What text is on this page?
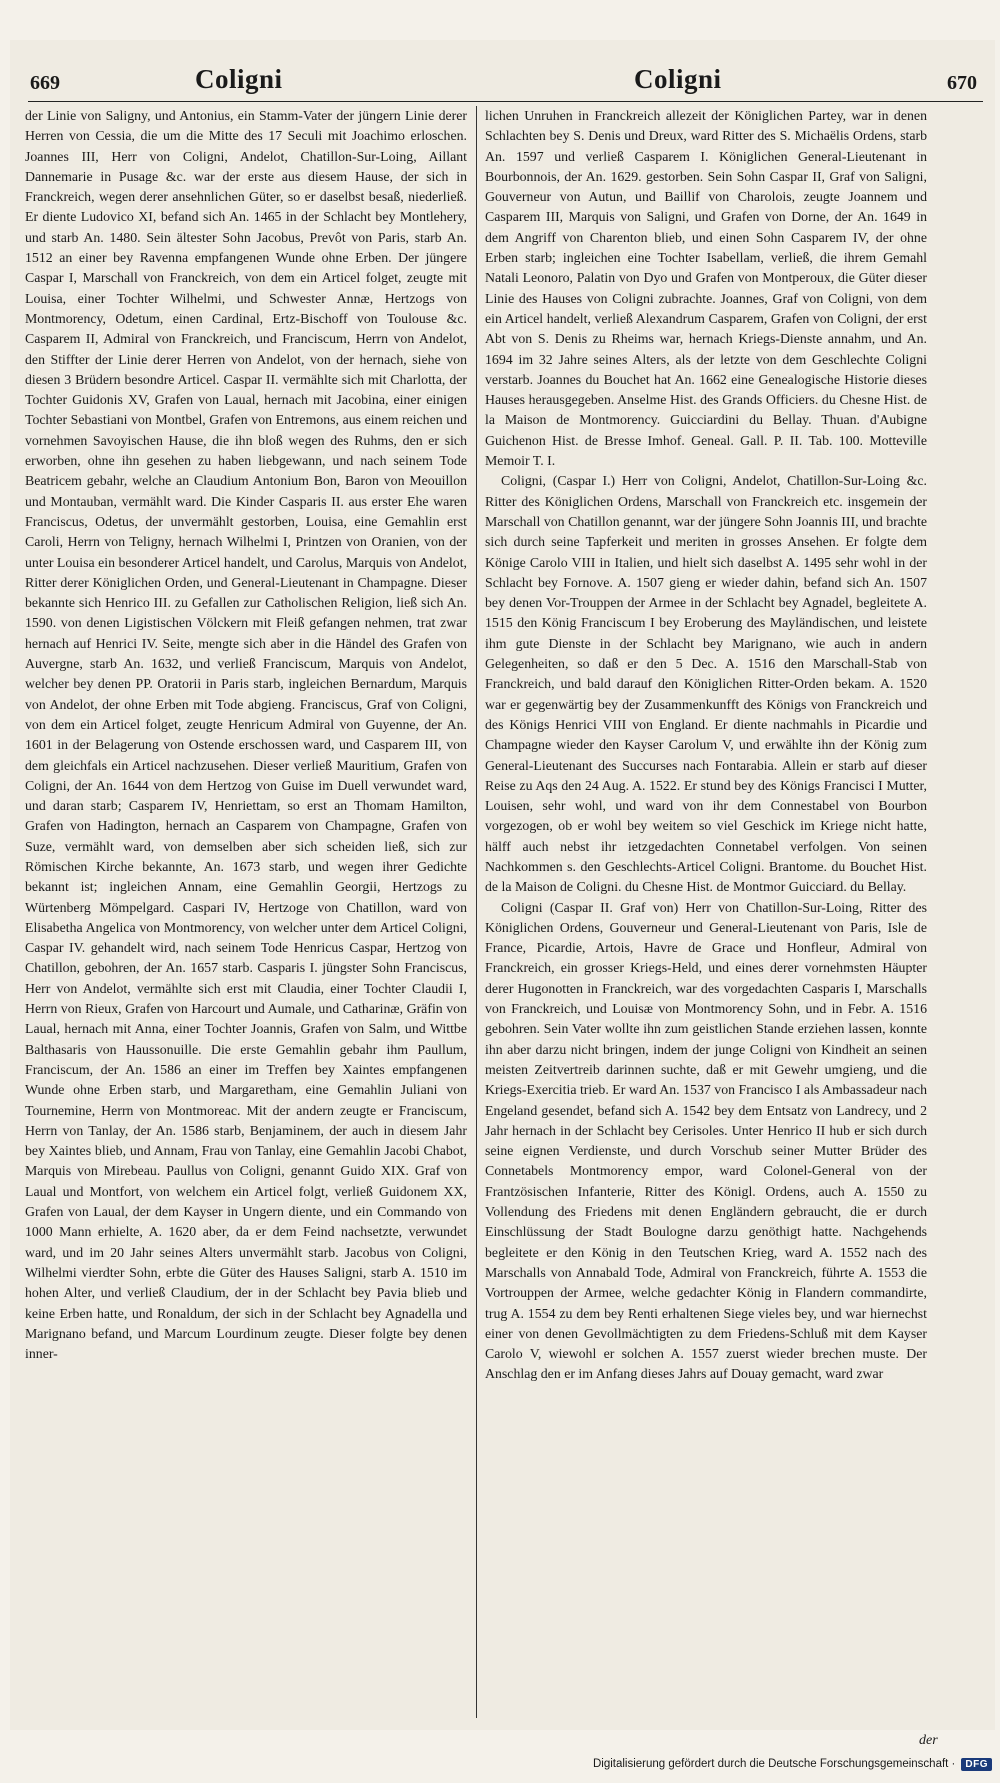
669	Coligni	Coligni	670

der Linie von Saligny, und Antonius, ein Stamm-Vater der jüngern Linie derer Herren von Cessia, die um die Mitte des 17 Seculi mit Joachimo erloschen. Joannes III, Herr von Coligni, Andelot, Chatillon-Sur-Loing, Aillant Dannemarie in Pusage &c. war der erste aus diesem Hause, der sich in Franckreich, wegen derer ansehnlichen Güter, so er daselbst besaß, niederließ. Er diente Ludovico XI, befand sich An. 1465 in der Schlacht bey Montlehery, und starb An. 1480. Sein ältester Sohn Jacobus, Prevôt von Paris, starb An. 1512 an einer bey Ravenna empfangenen Wunde ohne Erben. Der jüngere Caspar I, Marschall von Franckreich, von dem ein Articel folget, zeugte mit Louisa, einer Tochter Wilhelmi, und Schwester Annæ, Hertzogs von Montmorency, Odetum, einen Cardinal, Ertz-Bischoff von Toulouse &c. Casparem II, Admiral von Franckreich, und Franciscum, Herrn von Andelot, den Stiffter der Linie derer Herren von Andelot, von der hernach, siehe von diesen 3 Brüdern besondre Articel. Caspar II. vermählte sich mit Charlotta, der Tochter Guidonis XV, Grafen von Laual, hernach mit Jacobina, einer einigen Tochter Sebastiani von Montbel, Grafen von Entremons, aus einem reichen und vornehmen Savoyischen Hause, die ihn bloß wegen des Ruhms, den er sich erworben, ohne ihn gesehen zu haben liebgewann, und nach seinem Tode Beatricem gebahr, welche an Claudium Antonium Bon, Baron von Meouillon und Montauban, vermählt ward. Die Kinder Casparis II. aus erster Ehe waren Franciscus, Odetus, der unvermählt gestorben, Louisa, eine Gemahlin erst Caroli, Herrn von Teligny, hernach Wilhelmi I, Printzen von Oranien, von der unter Louisa ein besonderer Articel handelt, und Carolus, Marquis von Andelot, Ritter derer Königlichen Orden, und General-Lieutenant in Champagne. Dieser bekannte sich Henrico III. zu Gefallen zur Catholischen Religion, ließ sich An. 1590. von denen Ligistischen Völckern mit Fleiß gefangen nehmen, trat zwar hernach auf Henrici IV. Seite, mengte sich aber in die Händel des Grafen von Auvergne, starb An. 1632, und verließ Franciscum, Marquis von Andelot, welcher bey denen PP. Oratorii in Paris starb, ingleichen Bernardum, Marquis von Andelot, der ohne Erben mit Tode abgieng. Franciscus, Graf von Coligni, von dem ein Articel folget, zeugte Henricum Admiral von Guyenne, der An. 1601 in der Belagerung von Ostende erschossen ward, und Casparem III, von dem gleichfals ein Articel nachzusehen. Dieser verließ Mauritium, Grafen von Coligni, der An. 1644 von dem Hertzog von Guise im Duell verwundet ward, und daran starb; Casparem IV, Henriettam, so erst an Thomam Hamilton, Grafen von Hadington, hernach an Casparem von Champagne, Grafen von Suze, vermählt ward, von demselben aber sich scheiden ließ, sich zur Römischen Kirche bekannte, An. 1673 starb, und wegen ihrer Gedichte bekannt ist; ingleichen Annam, eine Gemahlin Georgii, Hertzogs zu Würtenberg Mömpelgard. Caspari IV, Hertzoge von Chatillon, ward von Elisabetha Angelica von Montmorency, von welcher unter dem Articel Coligni, Caspar IV. gehandelt wird, nach seinem Tode Henricus Caspar, Hertzog von Chatillon, gebohren, der An. 1657 starb. Casparis I. jüngster Sohn Franciscus, Herr von Andelot, vermählte sich erst mit Claudia, einer Tochter Claudii I, Herrn von Rieux, Grafen von Harcourt und Aumale, und Catharinæ, Gräfin von Laual, hernach mit Anna, einer Tochter Joannis, Grafen von Salm, und Wittbe Balthasaris von Haussonuille. Die erste Gemahlin gebahr ihm Paullum, Franciscum, der An. 1586 an einer im Treffen bey Xaintes empfangenen Wunde ohne Erben starb, und Margaretham, eine Gemahlin Juliani von Tournemine, Herrn von Montmoreac. Mit der andern zeugte er Franciscum, Herrn von Tanlay, der An. 1586 starb, Benjaminem, der auch in diesem Jahr bey Xaintes blieb, und Annam, Frau von Tanlay, eine Gemahlin Jacobi Chabot, Marquis von Mirebeau. Paullus von Coligni, genannt Guido XIX. Graf von Laual und Montfort, von welchem ein Articel folgt, verließ Guidonem XX, Grafen von Laual, der dem Kayser in Ungern diente, und ein Commando von 1000 Mann erhielte, A. 1620 aber, da er dem Feind nachsetzte, verwundet ward, und im 20 Jahr seines Alters unvermählt starb. Jacobus von Coligni, Wilhelmi vierdter Sohn, erbte die Güter des Hauses Saligni, starb A. 1510 im hohen Alter, und verließ Claudium, der in der Schlacht bey Pavia blieb und keine Erben hatte, und Ronaldum, der sich in der Schlacht bey Agnadella und Marignano befand, und Marcum Lourdinum zeugte. Dieser folgte bey denen inner-

lichen Unruhen in Franckreich allezeit der Königlichen Partey, war in denen Schlachten bey S. Denis und Dreux, ward Ritter des S. Michaëlis Ordens, starb An. 1597 und verließ Casparem I. Königlichen General-Lieutenant in Bourbonnois, der An. 1629. gestorben. Sein Sohn Caspar II, Graf von Saligni, Gouverneur von Autun, und Baillif von Charolois, zeugte Joannem und Casparem III, Marquis von Saligni, und Grafen von Dorne, der An. 1649 in dem Angriff von Charenton blieb, und einen Sohn Casparem IV, der ohne Erben starb; ingleichen eine Tochter Isabellam, verließ, die ihrem Gemahl Natali Leonoro, Palatin von Dyo und Grafen von Montperoux, die Güter dieser Linie des Hauses von Coligni zubrachte. Joannes, Graf von Coligni, von dem ein Articel handelt, verließ Alexandrum Casparem, Grafen von Coligni, der erst Abt von S. Denis zu Rheims war, hernach Kriegs-Dienste annahm, und An. 1694 im 32 Jahre seines Alters, als der letzte von dem Geschlechte Coligni verstarb. Joannes du Bouchet hat An. 1662 eine Genealogische Historie dieses Hauses herausgegeben. Anselme Hist. des Grands Officiers. du Chesne Hist. de la Maison de Montmorency. Guicciardini du Bellay. Thuan. d'Aubigne Guichenon Hist. de Bresse Imhof. Geneal. Gall. P. II. Tab. 100. Motteville Memoir T. I.

Coligni, (Caspar I.) Herr von Coligni, Andelot, Chatillon-Sur-Loing &c. Ritter des Königlichen Ordens, Marschall von Franckreich etc. insgemein der Marschall von Chatillon genannt, war der jüngere Sohn Joannis III, und brachte sich durch seine Tapferkeit und meriten in grosses Ansehen. Er folgte dem Könige Carolo VIII in Italien, und hielt sich daselbst A. 1495 sehr wohl in der Schlacht bey Fornove. A. 1507 gieng er wieder dahin, befand sich An. 1507 bey denen Vor-Trouppen der Armee in der Schlacht bey Agnadel, begleitete A. 1515 den König Franciscum I bey Eroberung des Mayländischen, und leistete ihm gute Dienste in der Schlacht bey Marignano, wie auch in andern Gelegenheiten, so daß er den 5 Dec. A. 1516 den Marschall-Stab von Franckreich, und bald darauf den Königlichen Ritter-Orden bekam. A. 1520 war er gegenwärtig bey der Zusammenkunfft des Königs von Franckreich und des Königs Henrici VIII von England. Er diente nachmahls in Picardie und Champagne wieder den Kayser Carolum V, und erwählte ihn der König zum General-Lieutenant des Succurses nach Fontarabia. Allein er starb auf dieser Reise zu Aqs den 24 Aug. A. 1522. Er stund bey des Königs Francisci I Mutter, Louisen, sehr wohl, und ward von ihr dem Connestabel von Bourbon vorgezogen, ob er wohl bey weitem so viel Geschick im Kriege nicht hatte, hälff auch nebst ihr ietzgedachten Connetabel verfolgen. Von seinen Nachkommen s. den Geschlechts-Articel Coligni. Brantome. du Bouchet Hist. de la Maison de Coligni. du Chesne Hist. de Montmor Guicciard. du Bellay.

Coligni (Caspar II. Graf von) Herr von Chatillon-Sur-Loing, Ritter des Königlichen Ordens, Gouverneur und General-Lieutenant von Paris, Isle de France, Picardie, Artois, Havre de Grace und Honfleur, Admiral von Franckreich, ein grosser Kriegs-Held, und eines derer vornehmsten Häupter derer Hugonotten in Franckreich, war des vorgedachten Casparis I, Marschalls von Franckreich, und Louisæ von Montmorency Sohn, und in Febr. A. 1516 gebohren. Sein Vater wollte ihn zum geistlichen Stande erziehen lassen, konnte ihn aber darzu nicht bringen, indem der junge Coligni von Kindheit an seinen meisten Zeitvertreib darinnen suchte, daß er mit Gewehr umgieng, und die Kriegs-Exercitia trieb. Er ward An. 1537 von Francisco I als Ambassadeur nach Engeland gesendet, befand sich A. 1542 bey dem Entsatz von Landrecy, und 2 Jahr hernach in der Schlacht bey Cerisoles. Unter Henrico II hub er sich durch seine eignen Verdienste, und durch Vorschub seiner Mutter Brüder des Connetabels Montmorency empor, ward Colonel-General von der Frantzösischen Infanterie, Ritter des Königl. Ordens, auch A. 1550 zu Vollendung des Friedens mit denen Engländern gebraucht, die er durch Einschlüssung der Stadt Boulogne darzu genöthigt hatte. Nachgehends begleitete er den König in den Teutschen Krieg, ward A. 1552 nach des Marschalls von Annabald Tode, Admiral von Franckreich, führte A. 1553 die Vortrouppen der Armee, welche gedachter König in Flandern commandirte, trug A. 1554 zu dem bey Renti erhaltenen Siege vieles bey, und war hiernechst einer von denen Gevollmächtigten zu dem Friedens-Schluß mit dem Kayser Carolo V, wiewohl er solchen A. 1557 zuerst wieder brechen muste. Der Anschlag den er im Anfang dieses Jahrs auf Douay gemacht, ward zwar

der
Digitalisierung gefördert durch die Deutsche Forschungsgemeinschaft ·	DFG
